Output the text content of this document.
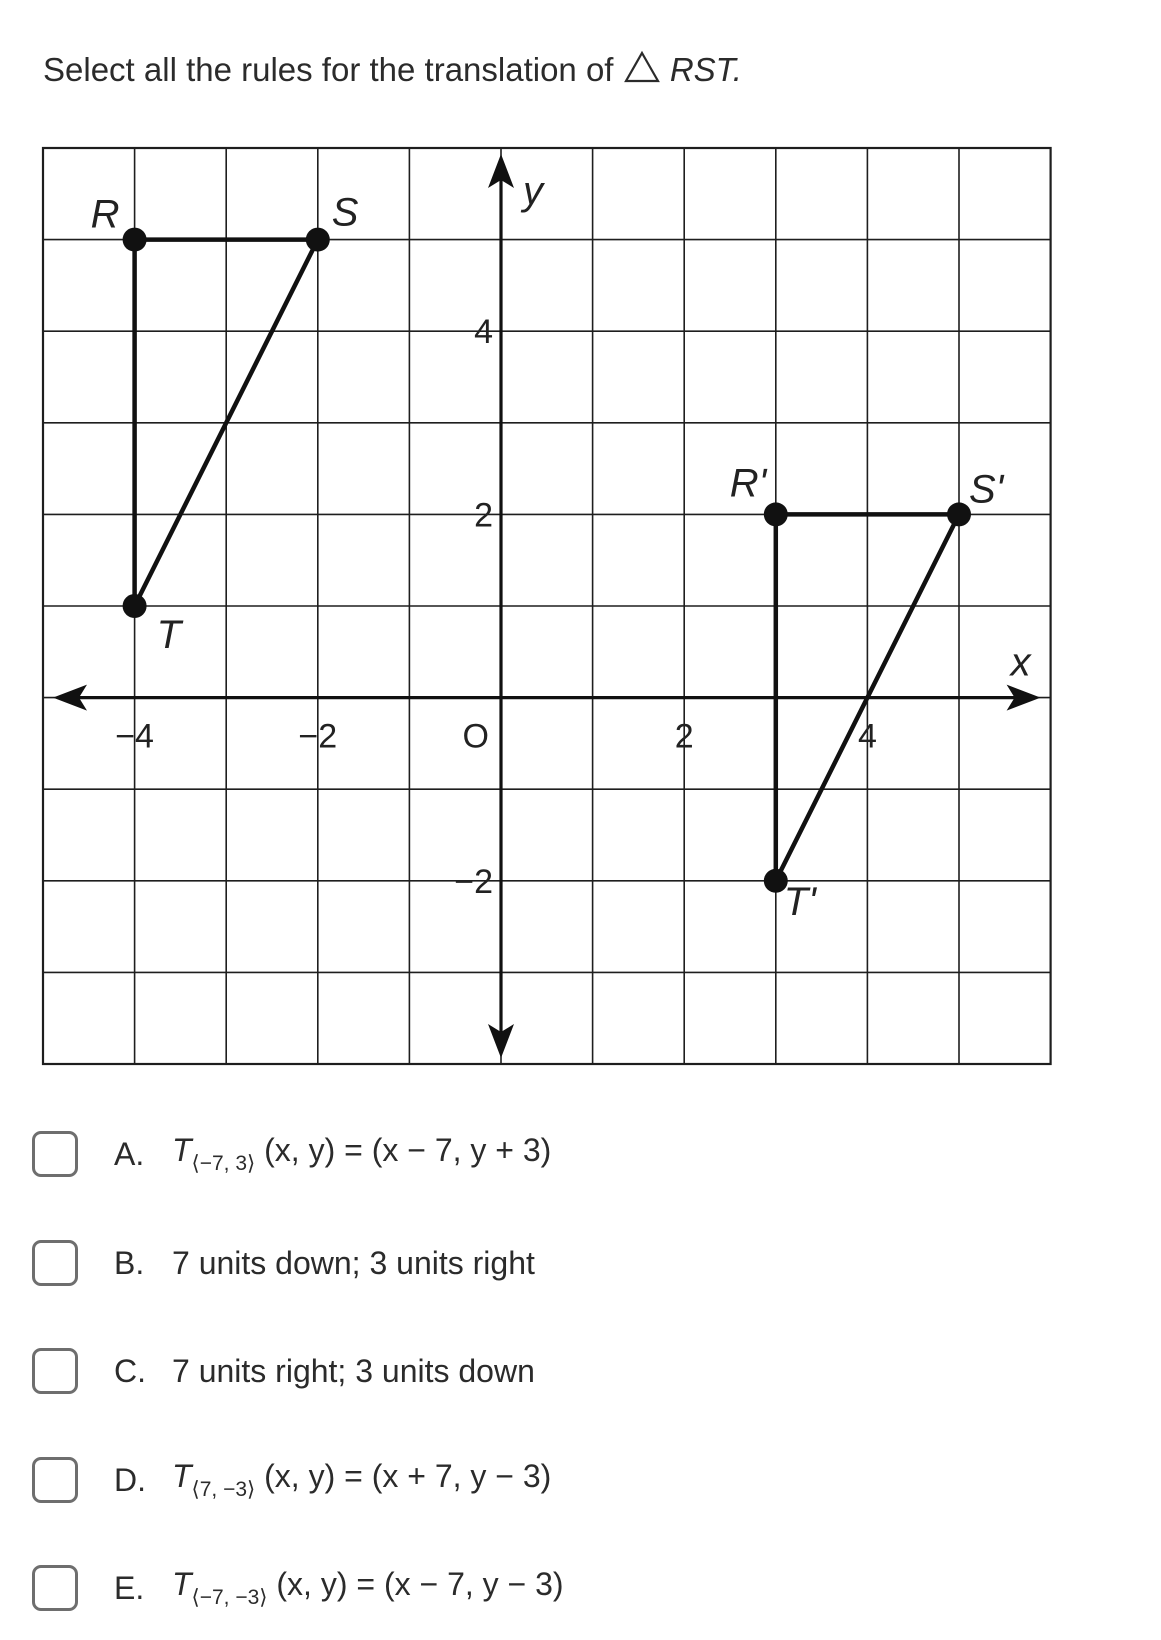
Select all the rules for the translation of RST.
x
y
O
−4	−2	2	4
4
2
−2
R	S
T
R'	S'
T'
A. $T_{⟨-7, 3⟩}$ (x, y) = (x − 7, y + 3)
B. 7 units down; 3 units right
C. 7 units right; 3 units down
D. $T_{⟨7, -3⟩}$ (x, y) = (x + 7, y − 3)
E. $T_{⟨-7, -3⟩}$ (x, y) = (x − 7, y − 3)
